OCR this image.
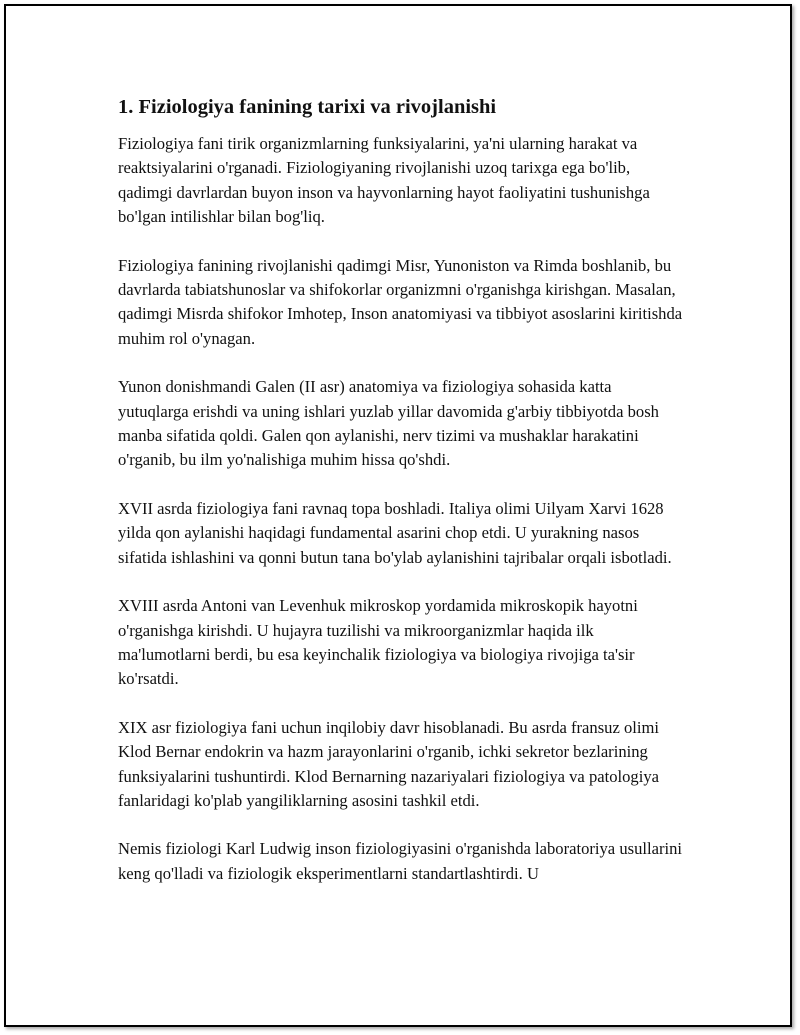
1. Fiziologiya fanining tarixi va rivojlanishi

Fiziologiya fani tirik organizmlarning funksiyalarini, ya'ni ularning harakat va reaktsiyalarini o'rganadi. Fiziologiyaning rivojlanishi uzoq tarixga ega bo'lib, qadimgi davrlardan buyon inson va hayvonlarning hayot faoliyatini tushunishga bo'lgan intilishlar bilan bog'liq.

Fiziologiya fanining rivojlanishi qadimgi Misr, Yunoniston va Rimda boshlanib, bu davrlarda tabiatshunoslar va shifokorlar organizmni o'rganishga kirishgan. Masalan, qadimgi Misrda shifokor Imhotep, Inson anatomiyasi va tibbiyot asoslarini kiritishda muhim rol o'ynagan.

Yunon donishmandi Galen (II asr) anatomiya va fiziologiya sohasida katta yutuqlarga erishdi va uning ishlari yuzlab yillar davomida g'arbiy tibbiyotda bosh manba sifatida qoldi. Galen qon aylanishi, nerv tizimi va mushaklar harakatini o'rganib, bu ilm yo'nalishiga muhim hissa qo'shdi.

XVII asrda fiziologiya fani ravnaq topa boshladi. Italiya olimi Uilyam Xarvi 1628 yilda qon aylanishi haqidagi fundamental asarini chop etdi. U yurakning nasos sifatida ishlashini va qonni butun tana bo'ylab aylanishini tajribalar orqali isbotladi.

XVIII asrda Antoni van Levenhuk mikroskop yordamida mikroskopik hayotni o'rganishga kirishdi. U hujayra tuzilishi va mikroorganizmlar haqida ilk ma'lumotlarni berdi, bu esa keyinchalik fiziologiya va biologiya rivojiga ta'sir ko'rsatdi.

XIX asr fiziologiya fani uchun inqilobiy davr hisoblanadi. Bu asrda fransuz olimi Klod Bernar endokrin va hazm jarayonlarini o'rganib, ichki sekretor bezlarining funksiyalarini tushuntirdi. Klod Bernarning nazariyalari fiziologiya va patologiya fanlaridagi ko'plab yangiliklarning asosini tashkil etdi.

Nemis fiziologi Karl Ludwig inson fiziologiyasini o'rganishda laboratoriya usullarini keng qo'lladi va fiziologik eksperimentlarni standartlashtirdi. U
